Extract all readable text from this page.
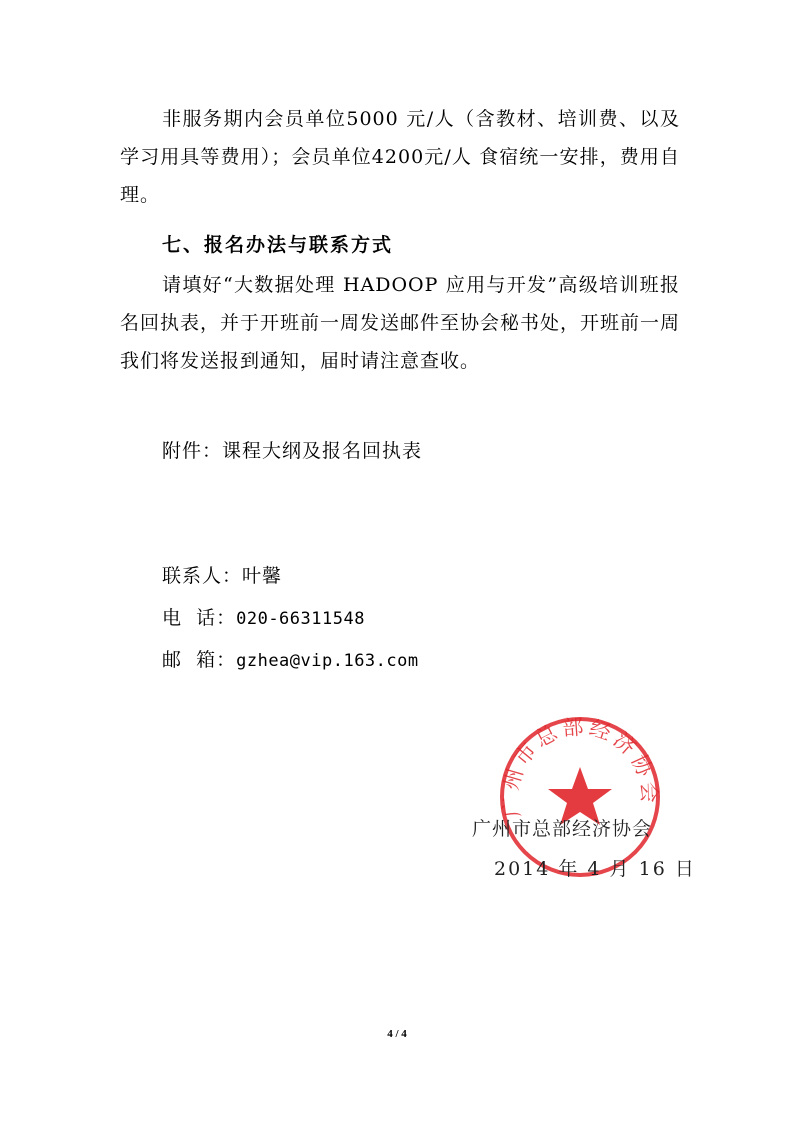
非服务期内会员单位5000 元/人（含教材、培训费、以及学习用具等费用）；会员单位4200元/人 食宿统一安排，费用自理。
七、报名办法与联系方式
请填好“大数据处理 HADOOP 应用与开发”高级培训班报名回执表，并于开班前一周发送邮件至协会秘书处，开班前一周我们将发送报到通知，届时请注意查收。
附件：课程大纲及报名回执表
联系人：叶馨
电  话：020-66311548
邮  箱：gzhea@vip.163.com
广州市总部经济协会
广州市总部经济协会
2014 年 4 月 16 日
4 / 4
